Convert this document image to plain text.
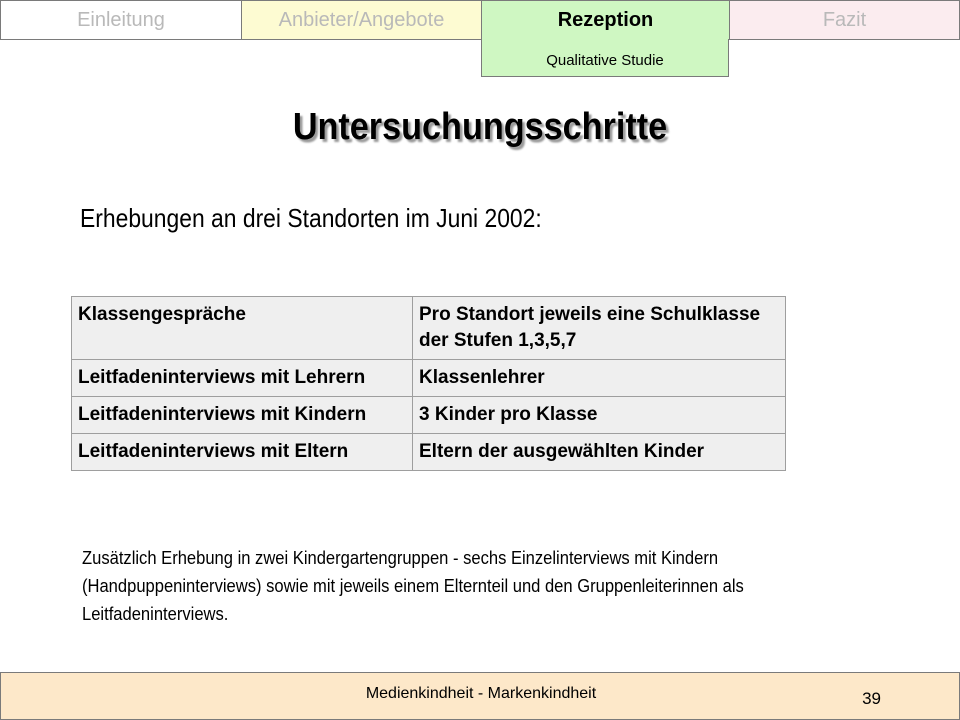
Einleitung	Anbieter/Angebote	Rezeption	Fazit
Qualitative Studie
Untersuchungsschritte
Erhebungen an drei Standorten im Juni 2002:
Klassengespräche	Pro Standort jeweils eine Schulklasse der Stufen 1,3,5,7
Leitfadeninterviews mit Lehrern	Klassenlehrer
Leitfadeninterviews mit Kindern	3 Kinder pro Klasse
Leitfadeninterviews mit Eltern	Eltern der ausgewählten Kinder
Zusätzlich Erhebung in zwei Kindergartengruppen - sechs Einzelinterviews mit Kindern (Handpuppeninterviews) sowie mit jeweils einem Elternteil und den Gruppenleiterinnen als Leitfadeninterviews.
Medienkindheit - Markenkindheit	39
